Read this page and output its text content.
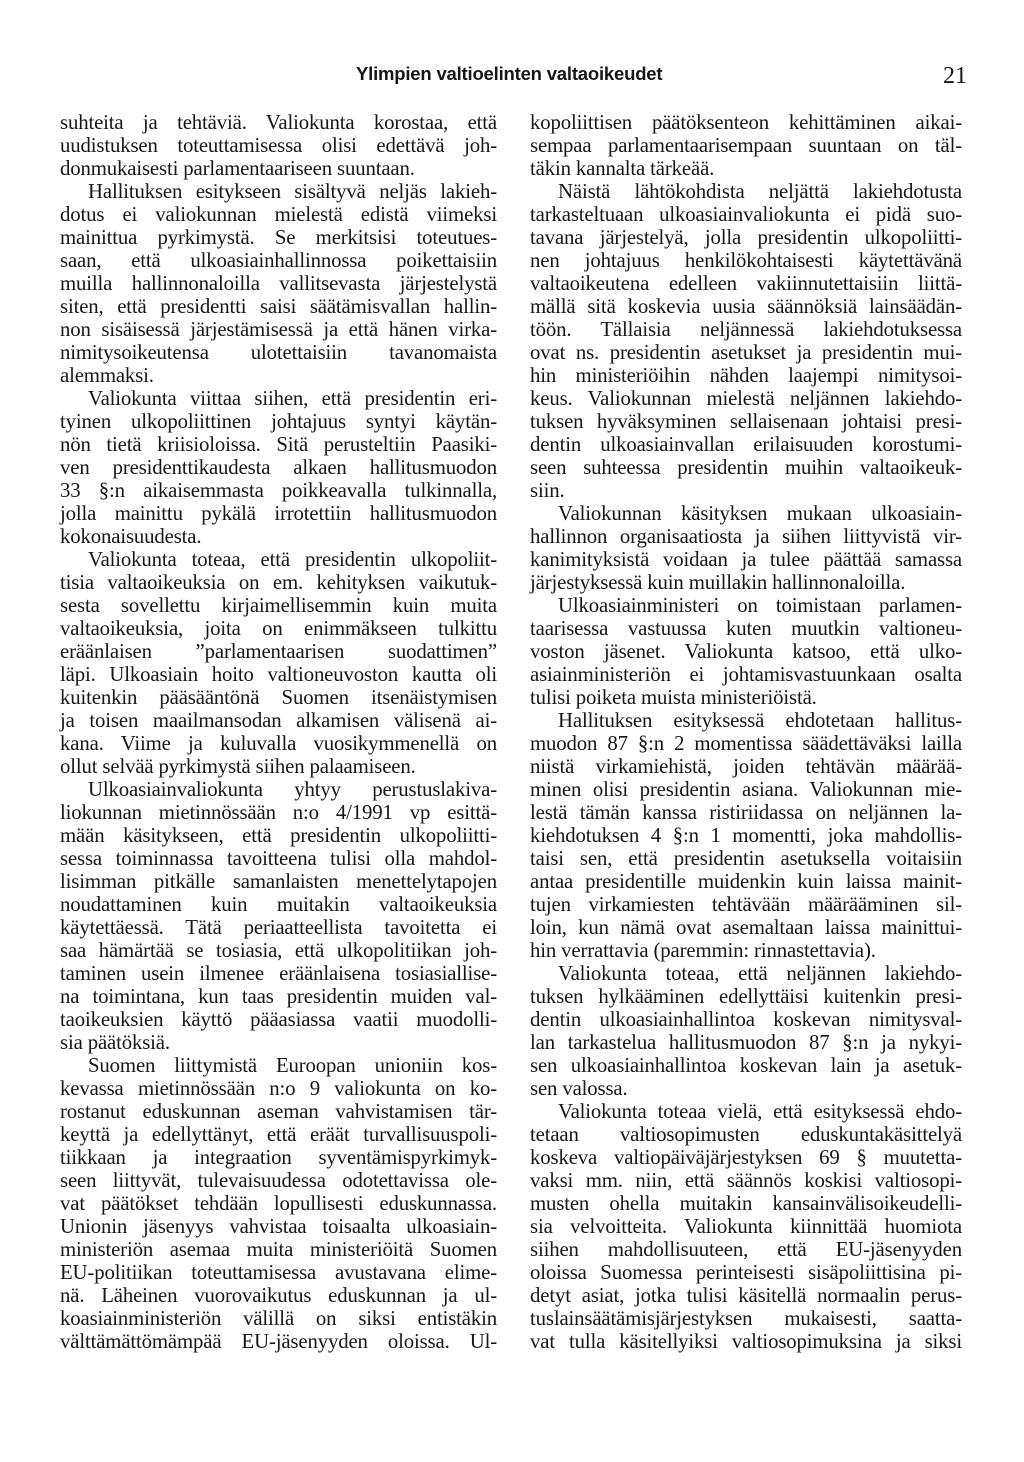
Ylimpien valtioelinten valtaoikeudet	21

suhteita ja tehtäviä. Valiokunta korostaa, että
uudistuksen toteuttamisessa olisi edettävä joh-
donmukaisesti parlamentaariseen suuntaan.

Hallituksen esitykseen sisältyvä neljäs lakieh-
dotus ei valiokunnan mielestä edistä viimeksi
mainittua pyrkimystä. Se merkitsisi toteutues-
saan, että ulkoasiainhallinnossa poikettaisiin
muilla hallinnonaloilla vallitsevasta järjestelystä
siten, että presidentti saisi säätämisvallan hallin-
non sisäisessä järjestämisessä ja että hänen virka-
nimitysoikeutensa ulotettaisiin tavanomaista
alemmaksi.

Valiokunta viittaa siihen, että presidentin eri-
tyinen ulkopoliittinen johtajuus syntyi käytän-
nön tietä kriisioloissa. Sitä perusteltiin Paasiki-
ven presidenttikaudesta alkaen hallitusmuodon
33 §:n aikaisemmasta poikkeavalla tulkinnalla,
jolla mainittu pykälä irrotettiin hallitusmuodon
kokonaisuudesta.

Valiokunta toteaa, että presidentin ulkopoliit-
tisia valtaoikeuksia on em. kehityksen vaikutuk-
sesta sovellettu kirjaimellisemmin kuin muita
valtaoikeuksia, joita on enimmäkseen tulkittu
eräänlaisen ”parlamentaarisen suodattimen”
läpi. Ulkoasiain hoito valtioneuvoston kautta oli
kuitenkin pääsääntönä Suomen itsenäistymisen
ja toisen maailmansodan alkamisen välisenä ai-
kana. Viime ja kuluvalla vuosikymmenellä on
ollut selvää pyrkimystä siihen palaamiseen.

Ulkoasiainvaliokunta yhtyy perustuslakiva-
liokunnan mietinnössään n:o 4/1991 vp esittä-
mään käsitykseen, että presidentin ulkopoliitti-
sessa toiminnassa tavoitteena tulisi olla mahdol-
lisimman pitkälle samanlaisten menettelytapojen
noudattaminen kuin muitakin valtaoikeuksia
käytettäessä. Tätä periaatteellista tavoitetta ei
saa hämärtää se tosiasia, että ulkopolitiikan joh-
taminen usein ilmenee eräänlaisena tosiasiallise-
na toimintana, kun taas presidentin muiden val-
taoikeuksien käyttö pääasiassa vaatii muodolli-
sia päätöksiä.

Suomen liittymistä Euroopan unioniin kos-
kevassa mietinnössään n:o 9 valiokunta on ko-
rostanut eduskunnan aseman vahvistamisen tär-
keyttä ja edellyttänyt, että eräät turvallisuuspoli-
tiikkaan ja integraation syventämispyrkimyk-
seen liittyvät, tulevaisuudessa odotettavissa ole-
vat päätökset tehdään lopullisesti eduskunnassa.
Unionin jäsenyys vahvistaa toisaalta ulkoasiain-
ministeriön asemaa muita ministeriöitä Suomen
EU-politiikan toteuttamisessa avustavana elime-
nä. Läheinen vuorovaikutus eduskunnan ja ul-
koasiainministeriön välillä on siksi entistäkin
välttämättömämpää EU-jäsenyyden oloissa. Ul-

kopoliittisen päätöksenteon kehittäminen aikai-
sempaa parlamentaarisempaan suuntaan on täl-
täkin kannalta tärkeää.

Näistä lähtökohdista neljättä lakiehdotusta
tarkasteltuaan ulkoasiainvaliokunta ei pidä suo-
tavana järjestelyä, jolla presidentin ulkopoliitti-
nen johtajuus henkilökohtaisesti käytettävänä
valtaoikeutena edelleen vakiinnutettaisiin liittä-
mällä sitä koskevia uusia säännöksiä lainsäädän-
töön. Tällaisia neljännessä lakiehdotuksessa
ovat ns. presidentin asetukset ja presidentin mui-
hin ministeriöihin nähden laajempi nimitysoi-
keus. Valiokunnan mielestä neljännen lakiehdo-
tuksen hyväksyminen sellaisenaan johtaisi presi-
dentin ulkoasiainvallan erilaisuuden korostumi-
seen suhteessa presidentin muihin valtaoikeuk-
siin.

Valiokunnan käsityksen mukaan ulkoasiain-
hallinnon organisaatiosta ja siihen liittyvistä vir-
kanimityksistä voidaan ja tulee päättää samassa
järjestyksessä kuin muillakin hallinnonaloilla.

Ulkoasiainministeri on toimistaan parlamen-
taarisessa vastuussa kuten muutkin valtioneu-
voston jäsenet. Valiokunta katsoo, että ulko-
asiainministeriön ei johtamisvastuunkaan osalta
tulisi poiketa muista ministeriöistä.

Hallituksen esityksessä ehdotetaan hallitus-
muodon 87 §:n 2 momentissa säädettäväksi lailla
niistä virkamiehistä, joiden tehtävän määrää-
minen olisi presidentin asiana. Valiokunnan mie-
lestä tämän kanssa ristiriidassa on neljännen la-
kiehdotuksen 4 §:n 1 momentti, joka mahdollis-
taisi sen, että presidentin asetuksella voitaisiin
antaa presidentille muidenkin kuin laissa mainit-
tujen virkamiesten tehtävään määrääminen sil-
loin, kun nämä ovat asemaltaan laissa mainittui-
hin verrattavia (paremmin: rinnastettavia).

Valiokunta toteaa, että neljännen lakiehdo-
tuksen hylkääminen edellyttäisi kuitenkin presi-
dentin ulkoasiainhallintoa koskevan nimitysval-
lan tarkastelua hallitusmuodon 87 §:n ja nykyi-
sen ulkoasiainhallintoa koskevan lain ja asetuk-
sen valossa.

Valiokunta toteaa vielä, että esityksessä ehdo-
tetaan valtiosopimusten eduskuntakäsittelyä
koskeva valtiopäiväjärjestyksen 69 § muutetta-
vaksi mm. niin, että säännös koskisi valtiosopi-
musten ohella muitakin kansainvälisoikeudelli-
sia velvoitteita. Valiokunta kiinnittää huomiota
siihen mahdollisuuteen, että EU-jäsenyyden
oloissa Suomessa perinteisesti sisäpoliittisina pi-
detyt asiat, jotka tulisi käsitellä normaalin perus-
tuslainsäätämisjärjestyksen mukaisesti, saatta-
vat tulla käsitellyiksi valtiosopimuksina ja siksi
